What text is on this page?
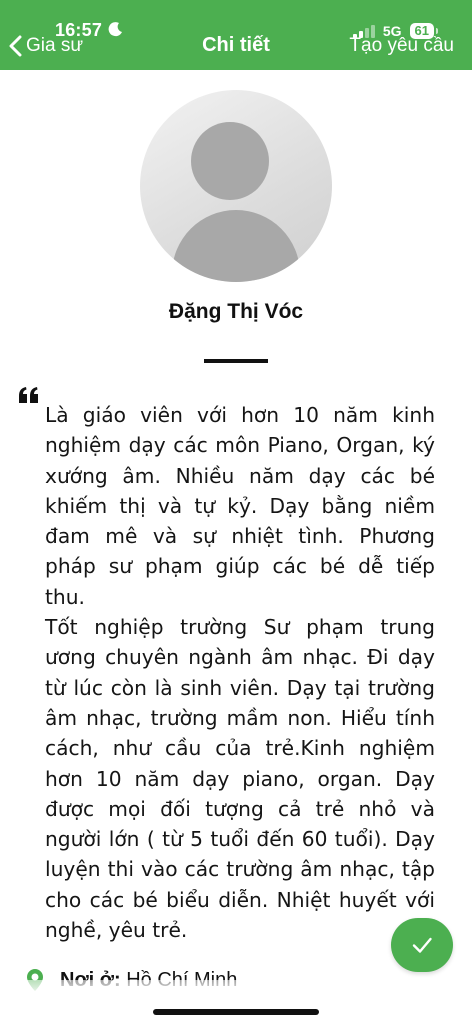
16:57
Gia sư	Chi tiết
5G	61
Tạo yêu cầu
Đặng Thị Vóc
Là giáo viên với hơn 10 năm kinh nghiệm dạy các môn Piano, Organ, ký xướng âm. Nhiều năm dạy các bé khiếm thị và tự kỷ. Dạy bằng niềm đam mê và sự nhiệt tình. Phương pháp sư phạm giúp các bé dễ tiếp thu.
Tốt nghiệp trường Sư phạm trung ương chuyên ngành âm nhạc. Đi dạy từ lúc còn là sinh viên. Dạy tại trường âm nhạc, trường mầm non. Hiểu tính cách, như cầu của trẻ.Kinh nghiệm hơn 10 năm dạy piano, organ. Dạy được mọi đối tượng cả trẻ nhỏ và người lớn ( từ 5 tuổi đến 60 tuổi). Dạy luyện thi vào các trường âm nhạc, tập cho các bé biểu diễn. Nhiệt huyết với nghề, yêu trẻ.
